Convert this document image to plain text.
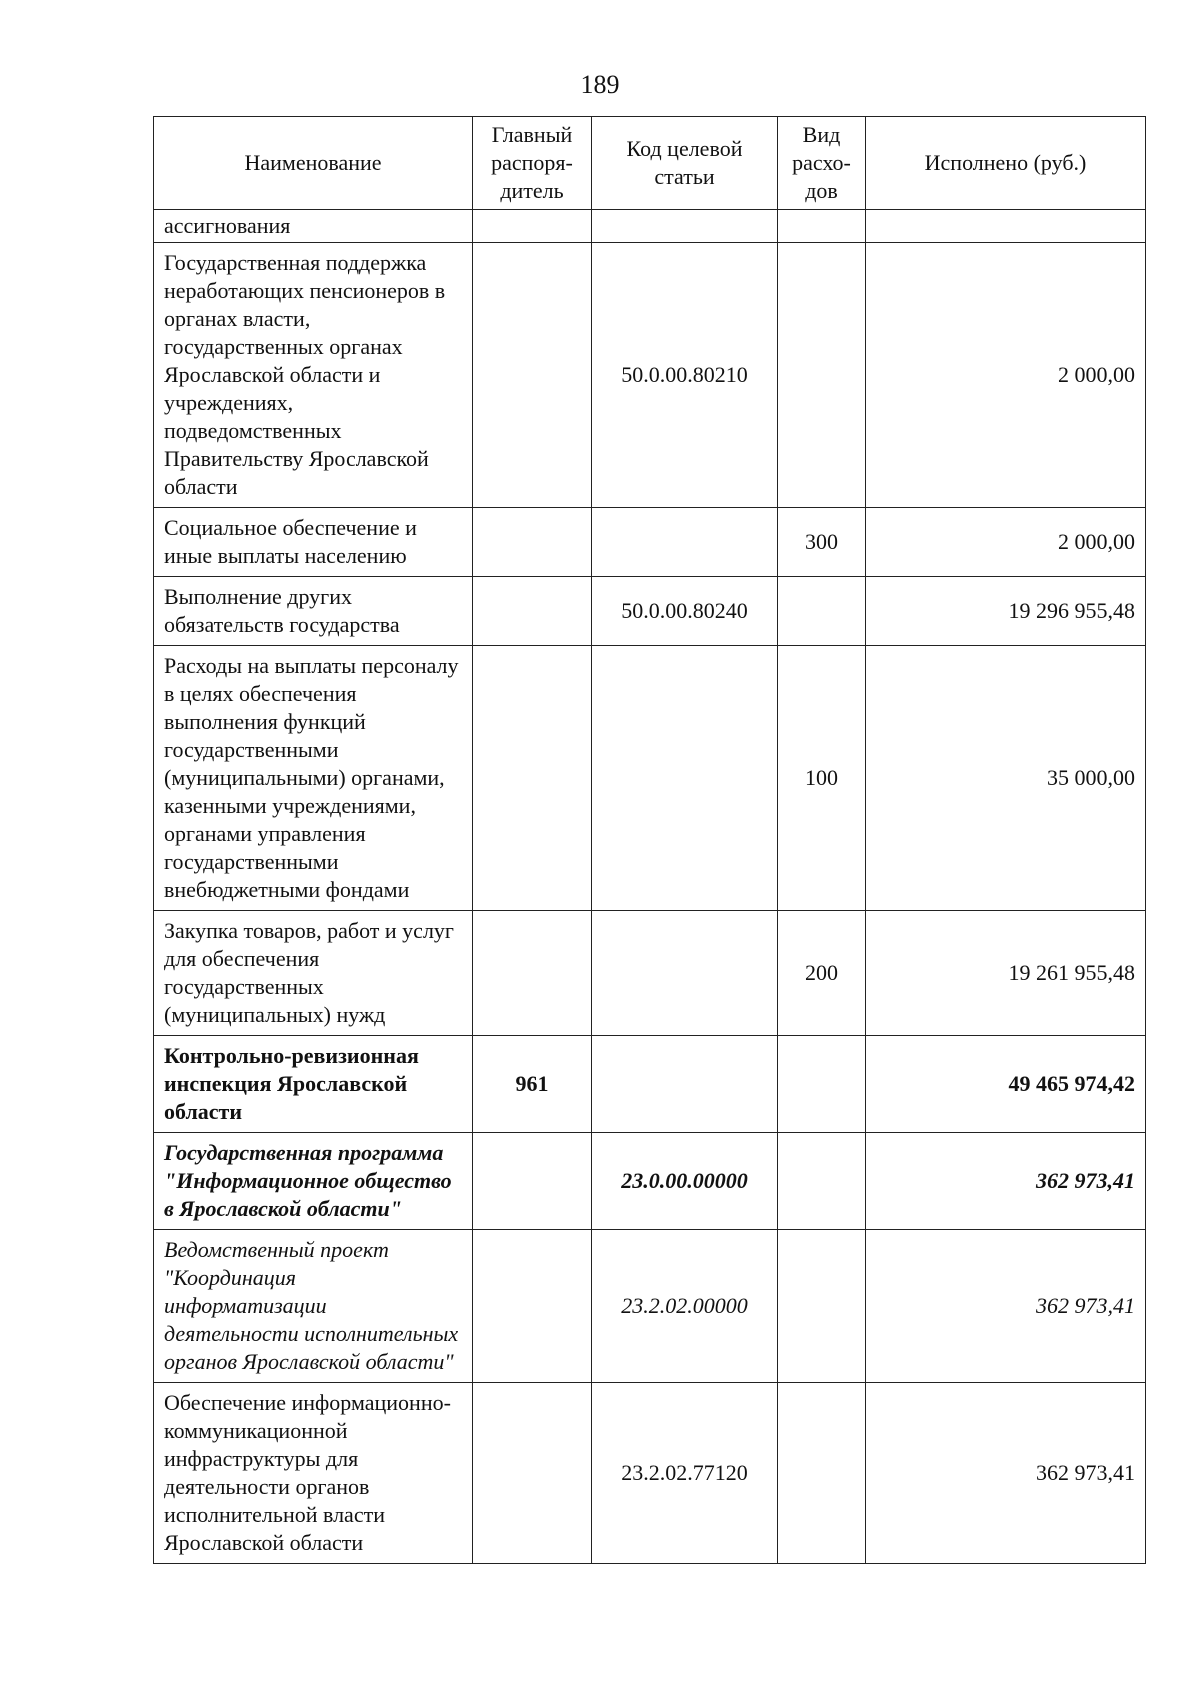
189
Наименование	Главный распоря-дитель	Код целевой статьи	Вид расхо-дов	Исполнено (руб.)
ассигнования				
Государственная поддержка неработающих пенсионеров в органах власти, государственных органах Ярославской области и учреждениях, подведомственных Правительству Ярославской области		50.0.00.80210		2 000,00
Социальное обеспечение и иные выплаты населению			300	2 000,00
Выполнение других обязательств государства		50.0.00.80240		19 296 955,48
Расходы на выплаты персоналу в целях обеспечения выполнения функций государственными (муниципальными) органами, казенными учреждениями, органами управления государственными внебюджетными фондами			100	35 000,00
Закупка товаров, работ и услуг для обеспечения государственных (муниципальных) нужд			200	19 261 955,48
Контрольно-ревизионная инспекция Ярославской области	961			49 465 974,42
Государственная программа "Информационное общество в Ярославской области"		23.0.00.00000		362 973,41
Ведомственный проект "Координация информатизации деятельности исполнительных органов Ярославской области"		23.2.02.00000		362 973,41
Обеспечение информационно-коммуникационной инфраструктуры для деятельности органов исполнительной власти Ярославской области		23.2.02.77120		362 973,41
